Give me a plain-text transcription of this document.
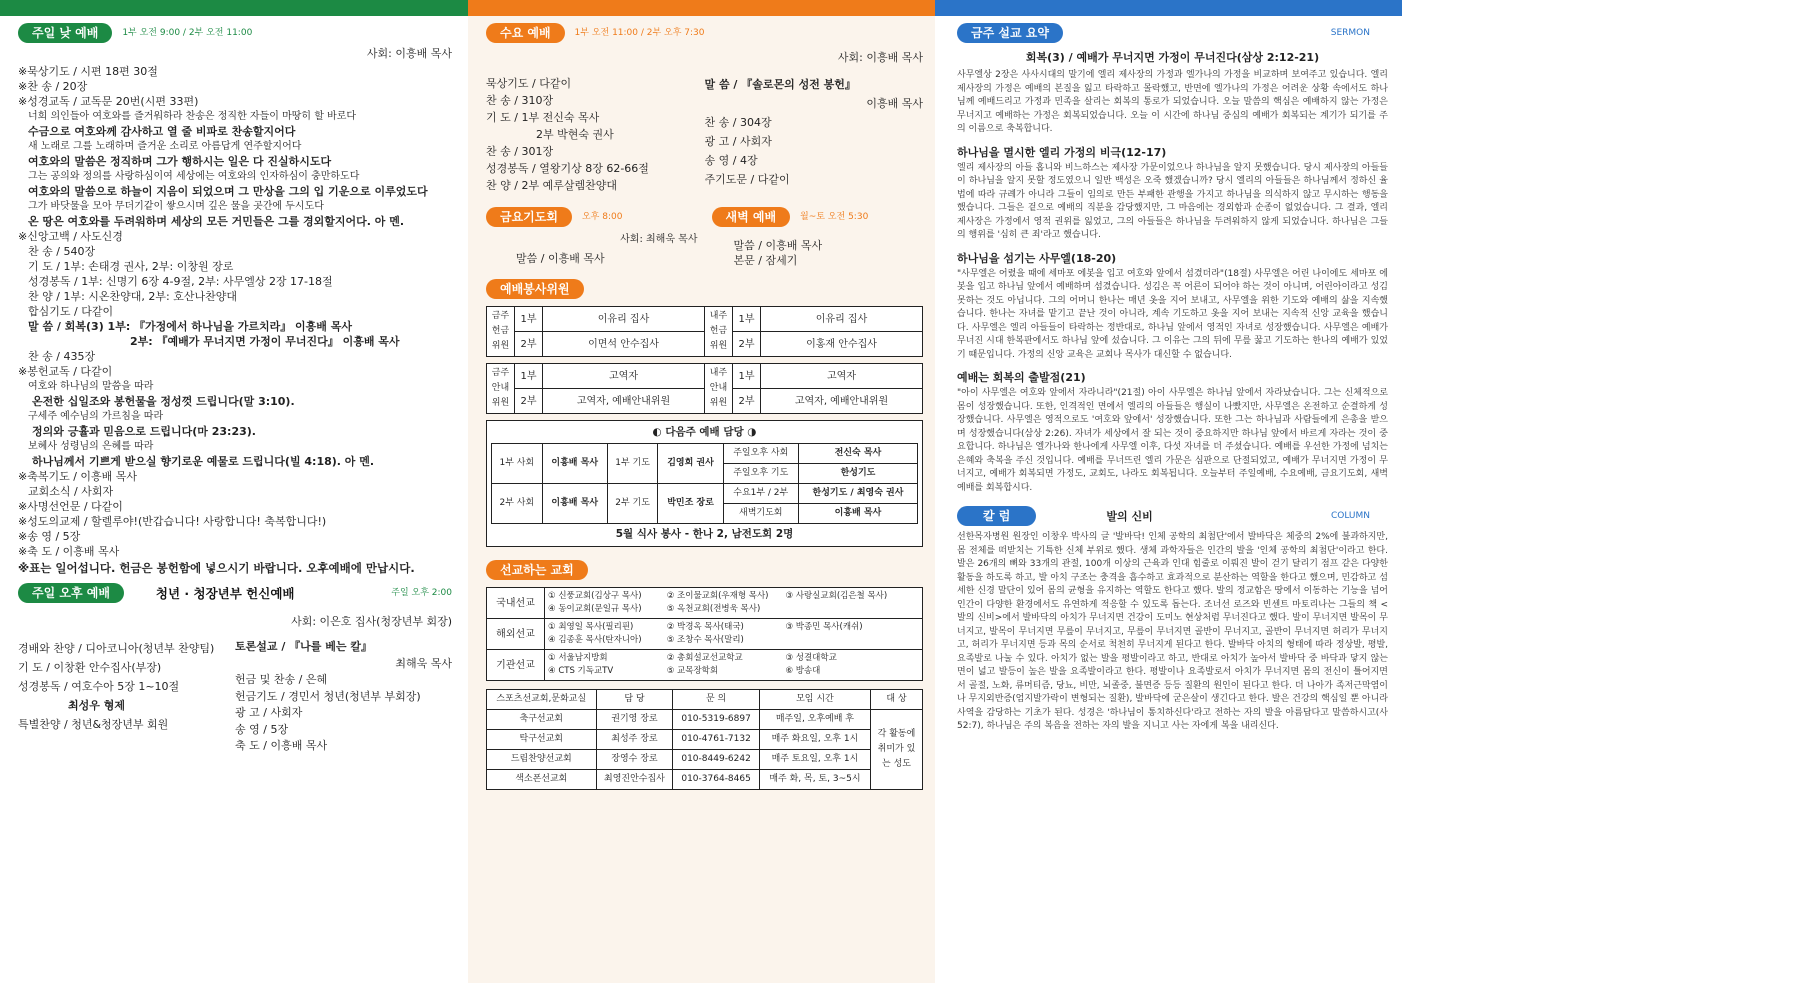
주일 낮 예배	1부 오전 9:00 / 2부 오전 11:00
사회: 이흥배 목사
※묵상기도 / 시편 18편 30절
※찬 송 / 20장
※성경교독 / 교독문 20번(시편 33편)
너희 의인들아 여호와를 즐거워하라 찬송은 정직한 자들이 마땅히 할 바로다
수금으로 여호와께 감사하고 열 줄 비파로 찬송할지어다
새 노래로 그를 노래하며 즐거운 소리로 아름답게 연주할지어다
여호와의 말씀은 정직하며 그가 행하시는 일은 다 진실하시도다
그는 공의와 정의를 사랑하심이여 세상에는 여호와의 인자하심이 충만하도다
여호와의 말씀으로 하늘이 지음이 되었으며 그 만상을 그의 입 기운으로 이루었도다
그가 바닷물을 모아 무더기같이 쌓으시며 깊은 물을 곳간에 두시도다
온 땅은 여호와를 두려워하며 세상의 모든 거민들은 그를 경외할지어다. 아 멘.
※신앙고백 / 사도신경
찬 송 / 540장
기 도 / 1부: 손태경 권사, 2부: 이창원 장로
성경봉독 / 1부: 신명기 6장 4-9절, 2부: 사무엘상 2장 17-18절
찬 양 / 1부: 시온찬양대, 2부: 호산나찬양대
합심기도 / 다같이
말 씀 / 회복(3) 1부: 『가정에서 하나님을 가르치라』 이흥배 목사
2부: 『예배가 무너지면 가정이 무너진다』 이흥배 목사
찬 송 / 435장
※봉헌교독 / 다같이
여호와 하나님의 말씀을 따라
온전한 십일조와 봉헌물을 정성껏 드립니다(말 3:10).
구세주 예수님의 가르침을 따라
정의와 긍휼과 믿음으로 드립니다(마 23:23).
보혜사 성령님의 은혜를 따라
하나님께서 기쁘게 받으실 향기로운 예물로 드립니다(빌 4:18). 아 멘.
※축복기도 / 이흥배 목사
교회소식 / 사회자
※사명선언문 / 다같이
※성도의교제 / 할렐루야!(반갑습니다! 사랑합니다! 축복합니다!)
※송 영 / 5장
※축 도 / 이흥배 목사
※표는 일어섭니다. 헌금은 봉헌함에 넣으시기 바랍니다. 오후예배에 만납시다.
주일 오후 예배	청년 · 청장년부 헌신예배	주일 오후 2:00
사회: 이은호 집사(청장년부 회장)
경배와 찬양 / 디아코니아(청년부 찬양팀)
기 도 / 이창환 안수집사(부장)
성경봉독 / 여호수아 5장 1~10절
최성우 형제
특별찬양 / 청년&청장년부 회원
토론설교 / 『나를 베는 칼』
최해욱 목사
헌금 및 찬송 / 은혜
헌금기도 / 경민서 청년(청년부 부회장)
광 고 / 사회자
송 영 / 5장
축 도 / 이흥배 목사
수요 예배	1부 오전 11:00 / 2부 오후 7:30
사회: 이흥배 목사
묵상기도 / 다같이
찬 송 / 310장
기 도 / 1부 전신숙 목사
2부 박현숙 권사
찬 송 / 301장
성경봉독 / 열왕기상 8장 62-66절
찬 양 / 2부 예루살렘찬양대
말 씀 / 『솔로몬의 성전 봉헌』
이흥배 목사
찬 송 / 304장
광 고 / 사회자
송 영 / 4장
주기도문 / 다같이
금요기도회	오후 8:00
사회: 최해욱 목사
말씀 / 이흥배 목사
새벽 예배	월~토 오전 5:30
말씀 / 이흥배 목사
본문 / 잠세기
예배봉사위원
금주 헌금 위원	1부	이유리 집사	내주 헌금 위원	1부	이유리 집사
	2부	이면석 안수집사		2부	이홍재 안수집사
금주 안내 위원	1부	고역자	내주 안내 위원	1부	고역자
	2부	고역자, 예배안내위원		2부	고역자, 예배안내위원
◐ 다음주 예배 담당 ◑
1부 사회	이흥배 목사	1부 기도	김영희 권사	주일오후 사회	전신숙 목사
				주일오후 기도	한성기도
2부 사회	이흥배 목사	2부 기도	박민조 장로	수요1부 / 2부	한성기도 / 최영숙 권사
				새벽기도회	이흥배 목사
5월 식사 봉사 - 한나 2, 남전도회 2명
선교하는 교회
국내선교	① 신풍교회(김상구 목사) ② 조이물교회(우재형 목사) ③ 사랑실교회(김은철 목사)④ 동이교회(문일규 목사) ⑤ 옥천교회(전병욱 목사)
해외선교	① 최영일 목사(필리핀) ② 박경옥 목사(태국) ③ 박종민 목사(캐쉬)④ 김종훈 목사(탄자니아) ⑤ 조창수 목사(말리)
기관선교	① 서울남지방회 ② 총회설교선교학교 ③ 성결대학교④ CTS 기독교TV ⑤ 교목장학회 ⑥ 방송대
스포츠선교회,문화교실	담 당	문 의	모임 시간	대 상
축구선교회	권기영 장로	010-5319-6897	매주일, 오후예배 후	각 활동에 취미가 있는 성도
탁구선교회	최성주 장로	010-4761-7132	매주 화요일, 오후 1시	
드림찬양선교회	장영수 장로	010-8449-6242	매주 토요일, 오후 1시	
색소폰선교회	최영진안수집사	010-3764-8465	매주 화, 목, 토, 3~5시	
금주 설교 요약	SERMON
회복(3) / 예배가 무너지면 가정이 무너진다(삼상 2:12-21)
사무엘상 2장은 사사시대의 말기에 엘리 제사장의 가정과 엘가나의 가정을 비교하며 보여주고 있습니다. 엘리 제사장의 가정은 예배의 본질을 잃고 타락하고 몰락했고, 반면에 엘가나의 가정은 어려운 상황 속에서도 하나님께 예배드리고 가정과 민족을 살리는 회복의 통로가 되었습니다. 오늘 말씀의 핵심은 예배하지 않는 가정은 무너지고 예배하는 가정은 회복되었습니다. 오늘 이 시간에 하나님 중심의 예배가 회복되는 계기가 되기를 주의 이름으로 축복합니다.
하나님을 멸시한 엘리 가정의 비극(12-17)
엘리 제사장의 아들 홉니와 비느하스는 제사장 가문이었으나 하나님을 알지 못했습니다. 당시 제사장의 아들들이 하나님을 알지 못할 정도였으니 일반 백성은 오죽 했겠습니까? 당시 엘리의 아들들은 하나님께서 정하신 율법에 따라 규례가 아니라 그들이 임의로 만든 부패한 관행을 가지고 하나님을 의식하지 않고 무시하는 행동을 했습니다. 그들은 겉으로 예배의 직분을 감당했지만, 그 마음에는 경외함과 순종이 없었습니다. 그 결과, 엘리 제사장은 가정에서 영적 권위를 잃었고, 그의 아들들은 하나님을 두려워하지 않게 되었습니다. 하나님은 그들의 행위를 '심히 큰 죄'라고 했습니다.
하나님을 섬기는 사무엘(18-20)
"사무엘은 어렸을 때에 세마포 에봇을 입고 여호와 앞에서 섬겼더라"(18절) 사무엘은 어린 나이에도 세마포 에봇을 입고 하나님 앞에서 예배하며 섬겼습니다. 성김은 꼭 어른이 되어야 하는 것이 아니며, 어린아이라고 성김 못하는 것도 아닙니다. 그의 어머니 한나는 매년 옷을 지어 보내고, 사무엘을 위한 기도와 예배의 삶을 지속했습니다. 한나는 자녀를 맡기고 끝난 것이 아니라, 계속 기도하고 옷을 지어 보내는 지속적 신앙 교육을 했습니다. 사무엘은 엘리 아들들이 타락하는 정반대로, 하나님 앞에서 영적인 자녀로 성장했습니다. 사무엘은 예배가 무너진 시대 한복판에서도 하나님 앞에 섰습니다. 그 이유는 그의 뒤에 무릎 꿇고 기도하는 한나의 예배가 있었기 때문입니다. 가정의 신앙 교육은 교회나 목사가 대신할 수 없습니다.
예배는 회복의 출발점(21)
"아이 사무엘은 여호와 앞에서 자라니라"(21절) 아이 사무엘은 하나님 앞에서 자라났습니다. 그는 신체적으로 몸이 성장했습니다. 또한, 인격적인 면에서 엘리의 아들들은 행실이 나빴지만, 사무엘은 온전하고 순결하게 성장했습니다. 사무엘은 영적으로도 '여호와 앞에서' 성장했습니다. 또한 그는 하나님과 사람들에게 은총을 받으며 성장했습니다(삼상 2:26). 자녀가 세상에서 잘 되는 것이 중요하지만 하나님 앞에서 바르게 자라는 것이 중요합니다. 하나님은 엘가나와 한나에게 사무엘 이후, 다섯 자녀를 더 주셨습니다. 예배를 우선한 가정에 넘치는 은혜와 축복을 주신 것입니다. 예배를 무너뜨린 엘리 가문은 심판으로 단절되었고, 예배가 무너지면 가정이 무너지고, 예배가 회복되면 가정도, 교회도, 나라도 회복됩니다. 오늘부터 주일예배, 수요예배, 금요기도회, 새벽예배를 회복합시다.
칼 럼	발의 신비	COLUMN
선한목자병원 원장인 이창우 박사의 글 '발바닥! 인체 공학의 최첨단'에서 발바닥은 체중의 2%에 불과하지만, 몸 전체를 떠받치는 기특한 신체 부위로 했다. 생체 과학자들은 인간의 발을 '인체 공학의 최첨단'이라고 한다. 발은 26개의 뼈와 33개의 관절, 100개 이상의 근육과 인대 힘줄로 이뤄진 발이 걷기 달리기 점프 같은 다양한 활동을 하도록 하고, 발 아치 구조는 충격을 흡수하고 효과적으로 분산하는 역할을 한다고 했으며, 민감하고 섬세한 신경 말단이 있어 몸의 균형을 유지하는 역할도 한다고 했다. 발의 정교함은 땅에서 이동하는 기능을 넘어 인간이 다양한 환경에서도 유연하게 적응할 수 있도록 돕는다. 조너선 로즈와 빈센트 마토리나는 그들의 책 <발의 신비>에서 발바닥의 아치가 무너지면 건강이 도미노 현상처럼 무너진다고 했다. 발이 무너지면 발목이 무너지고, 발목이 무너지면 무릎이 무너지고, 무릎이 무너지면 골반이 무너지고, 골반이 무너지면 허리가 무너지고, 허리가 무너지면 등과 목의 순서로 척천히 무너지게 된다고 한다. 발바닥 아치의 형태에 따라 정상발, 평발, 요족발로 나눌 수 있다. 아치가 없는 발을 평발이라고 하고, 반대로 아치가 높아서 발바닥 중 바닥과 닿지 않는 면이 넓고 발등이 높은 발을 요족발이라고 한다. 평발이나 요족발로서 아치가 무너지면 몸의 전신이 틀어지면서 골절, 노화, 류머티즘, 당뇨, 비만, 뇌졸중, 불면증 등등 질환의 원인이 된다고 한다. 더 나아가 족저근막염이나 무지외반증(엄지발가락이 변형되는 질환), 발바닥에 굳은살이 생긴다고 한다. 발은 건강의 핵심일 뿐 아니라 사역을 감당하는 기초가 된다. 성경은 '하나님이 통치하신다'라고 전하는 자의 발을 아름답다고 말씀하시고(사 52:7), 하나님은 주의 복음을 전하는 자의 발을 지니고 사는 자에게 복을 내리신다.
